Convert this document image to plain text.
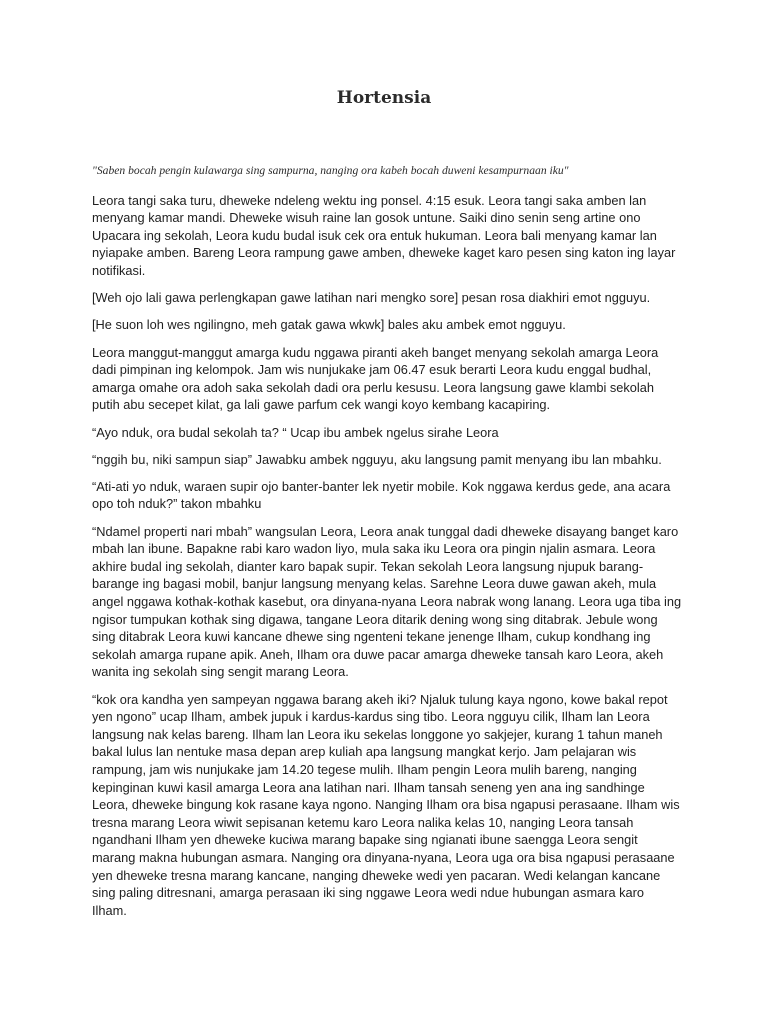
Hortensia

"Saben bocah pengin kulawarga sing sampurna, nanging ora kabeh bocah duweni kesampurnaan iku"

Leora tangi saka turu, dheweke ndeleng wektu ing ponsel. 4:15 esuk. Leora tangi saka amben lan menyang kamar mandi. Dheweke wisuh raine lan gosok untune. Saiki dino senin seng artine ono Upacara ing sekolah, Leora kudu budal isuk cek ora entuk hukuman. Leora bali menyang kamar lan nyiapake amben. Bareng Leora rampung gawe amben, dheweke kaget karo pesen sing katon ing layar notifikasi.

[Weh ojo lali gawa perlengkapan gawe latihan nari mengko sore] pesan rosa diakhiri emot ngguyu.

[He suon loh wes ngilingno, meh gatak gawa wkwk] bales aku ambek emot ngguyu.

Leora manggut-manggut amarga kudu nggawa piranti akeh banget menyang sekolah amarga Leora dadi pimpinan ing kelompok. Jam wis nunjukake jam 06.47 esuk berarti Leora kudu enggal budhal, amarga omahe ora adoh saka sekolah dadi ora perlu kesusu. Leora langsung gawe klambi sekolah putih abu secepet kilat, ga lali gawe parfum cek wangi koyo kembang kacapiring.

“Ayo nduk, ora budal sekolah ta? “ Ucap ibu ambek ngelus sirahe Leora

“nggih bu, niki sampun siap” Jawabku ambek ngguyu, aku langsung pamit menyang ibu lan mbahku.

“Ati-ati yo nduk, waraen supir ojo banter-banter lek nyetir mobile. Kok nggawa kerdus gede, ana acara opo toh nduk?” takon mbahku

“Ndamel properti nari mbah” wangsulan Leora, Leora anak tunggal dadi dheweke disayang banget karo mbah lan ibune. Bapakne rabi karo wadon liyo, mula saka iku Leora ora pingin njalin asmara. Leora akhire budal ing sekolah, dianter karo bapak supir. Tekan sekolah Leora langsung njupuk barang-barange ing bagasi mobil, banjur langsung menyang kelas. Sarehne Leora duwe gawan akeh, mula angel nggawa kothak-kothak kasebut, ora dinyana-nyana Leora nabrak wong lanang. Leora uga tiba ing ngisor tumpukan kothak sing digawa, tangane Leora ditarik dening wong sing ditabrak. Jebule wong sing ditabrak Leora kuwi kancane dhewe sing ngenteni tekane jenenge Ilham, cukup kondhang ing sekolah amarga rupane apik. Aneh, Ilham ora duwe pacar amarga dheweke tansah karo Leora, akeh wanita ing sekolah sing sengit marang Leora.

“kok ora kandha yen sampeyan nggawa barang akeh iki? Njaluk tulung kaya ngono, kowe bakal repot yen ngono” ucap Ilham, ambek jupuk i kardus-kardus sing tibo. Leora ngguyu cilik, Ilham lan Leora langsung nak kelas bareng. Ilham lan Leora iku sekelas longgone yo sakjejer, kurang 1 tahun maneh bakal lulus lan nentuke masa depan arep kuliah apa langsung mangkat kerjo. Jam pelajaran wis rampung, jam wis nunjukake jam 14.20 tegese mulih. Ilham pengin Leora mulih bareng, nanging kepinginan kuwi kasil amarga Leora ana latihan nari. Ilham tansah seneng yen ana ing sandhinge Leora, dheweke bingung kok rasane kaya ngono. Nanging Ilham ora bisa ngapusi perasaane. Ilham wis tresna marang Leora wiwit sepisanan ketemu karo Leora nalika kelas 10, nanging Leora tansah ngandhani Ilham yen dheweke kuciwa marang bapake sing ngianati ibune saengga Leora sengit marang makna hubungan asmara. Nanging ora dinyana-nyana, Leora uga ora bisa ngapusi perasaane yen dheweke tresna marang kancane, nanging dheweke wedi yen pacaran. Wedi kelangan kancane sing paling ditresnani, amarga perasaan iki sing nggawe Leora wedi ndue hubungan asmara karo Ilham.
